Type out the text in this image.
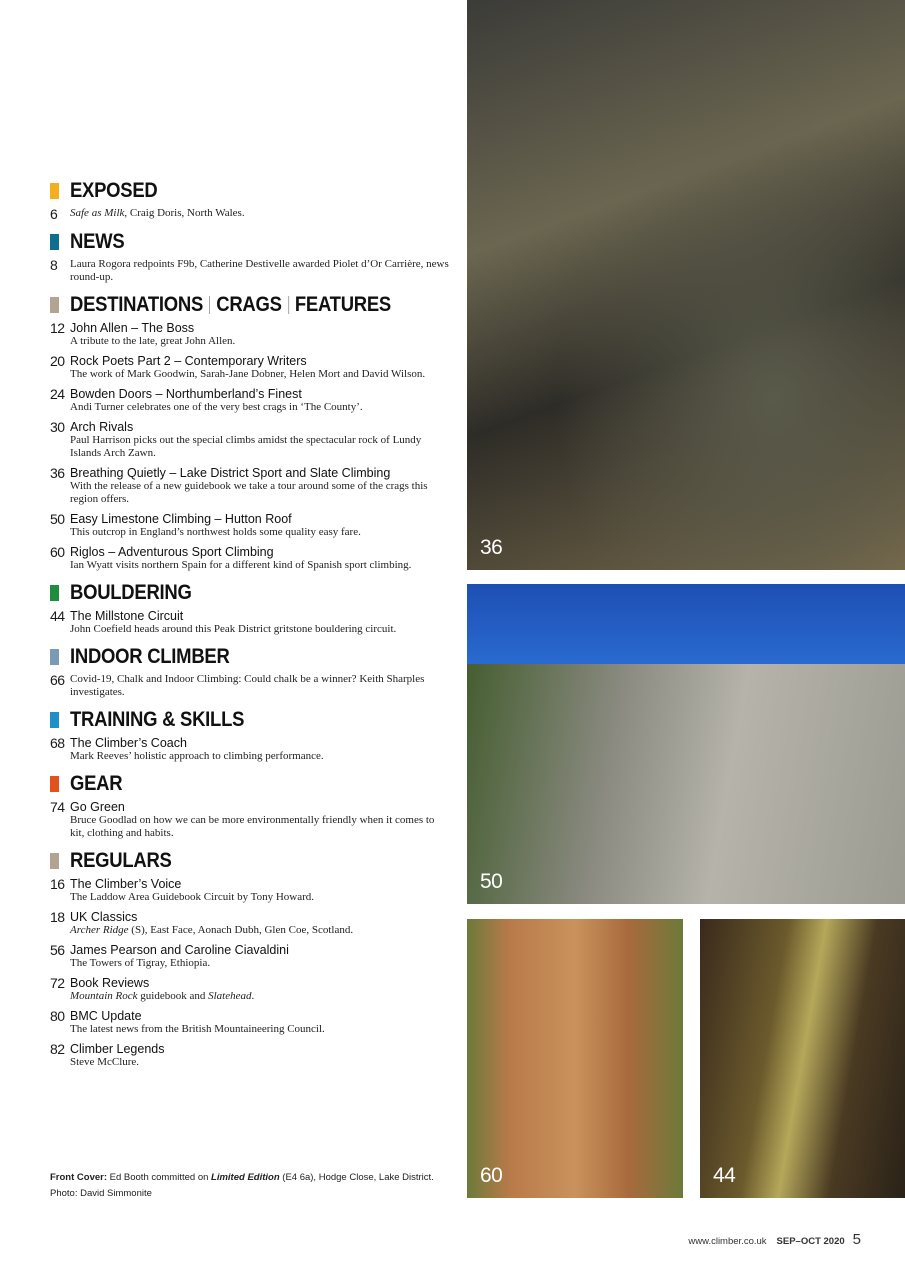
EXPOSED
6	Safe as Milk, Craig Doris, North Wales.
NEWS
8	Laura Rogora redpoints F9b, Catherine Destivelle awarded Piolet d’Or Carrière, news round-up.
DESTINATIONS CRAGS FEATURES
12 John Allen – The Boss
A tribute to the late, great John Allen.
20 Rock Poets Part 2 – Contemporary Writers
The work of Mark Goodwin, Sarah-Jane Dobner, Helen Mort and David Wilson.
24 Bowden Doors – Northumberland’s Finest
Andi Turner celebrates one of the very best crags in ‘The County’.
30 Arch Rivals
Paul Harrison picks out the special climbs amidst the spectacular rock of Lundy Islands Arch Zawn.
36 Breathing Quietly – Lake District Sport and Slate Climbing
With the release of a new guidebook we take a tour around some of the crags this region offers.
50 Easy Limestone Climbing – Hutton Roof
This outcrop in England’s northwest holds some quality easy fare.
60 Riglos – Adventurous Sport Climbing
Ian Wyatt visits northern Spain for a different kind of Spanish sport climbing.
BOULDERING
44 The Millstone Circuit
John Coefield heads around this Peak District gritstone bouldering circuit.
INDOOR CLIMBER
66 Covid-19, Chalk and Indoor Climbing: Could chalk be a winner? Keith Sharples investigates.
TRAINING & SKILLS
68 The Climber’s Coach
Mark Reeves’ holistic approach to climbing performance.
GEAR
74 Go Green
Bruce Goodlad on how we can be more environmentally friendly when it comes to kit, clothing and habits.
REGULARS
16 The Climber’s Voice
The Laddow Area Guidebook Circuit by Tony Howard.
18 UK Classics
Archer Ridge (S), East Face, Aonach Dubh, Glen Coe, Scotland.
56 James Pearson and Caroline Ciavaldini
The Towers of Tigray, Ethiopia.
72 Book Reviews
Mountain Rock guidebook and Slatehead.
80 BMC Update
The latest news from the British Mountaineering Council.
82 Climber Legends
Steve McClure.
Front Cover: Ed Booth committed on Limited Edition (E4 6a), Hodge Close, Lake District.
Photo: David Simmonite
36
50
60	44
www.climber.co.uk SEP–OCT 2020 5
